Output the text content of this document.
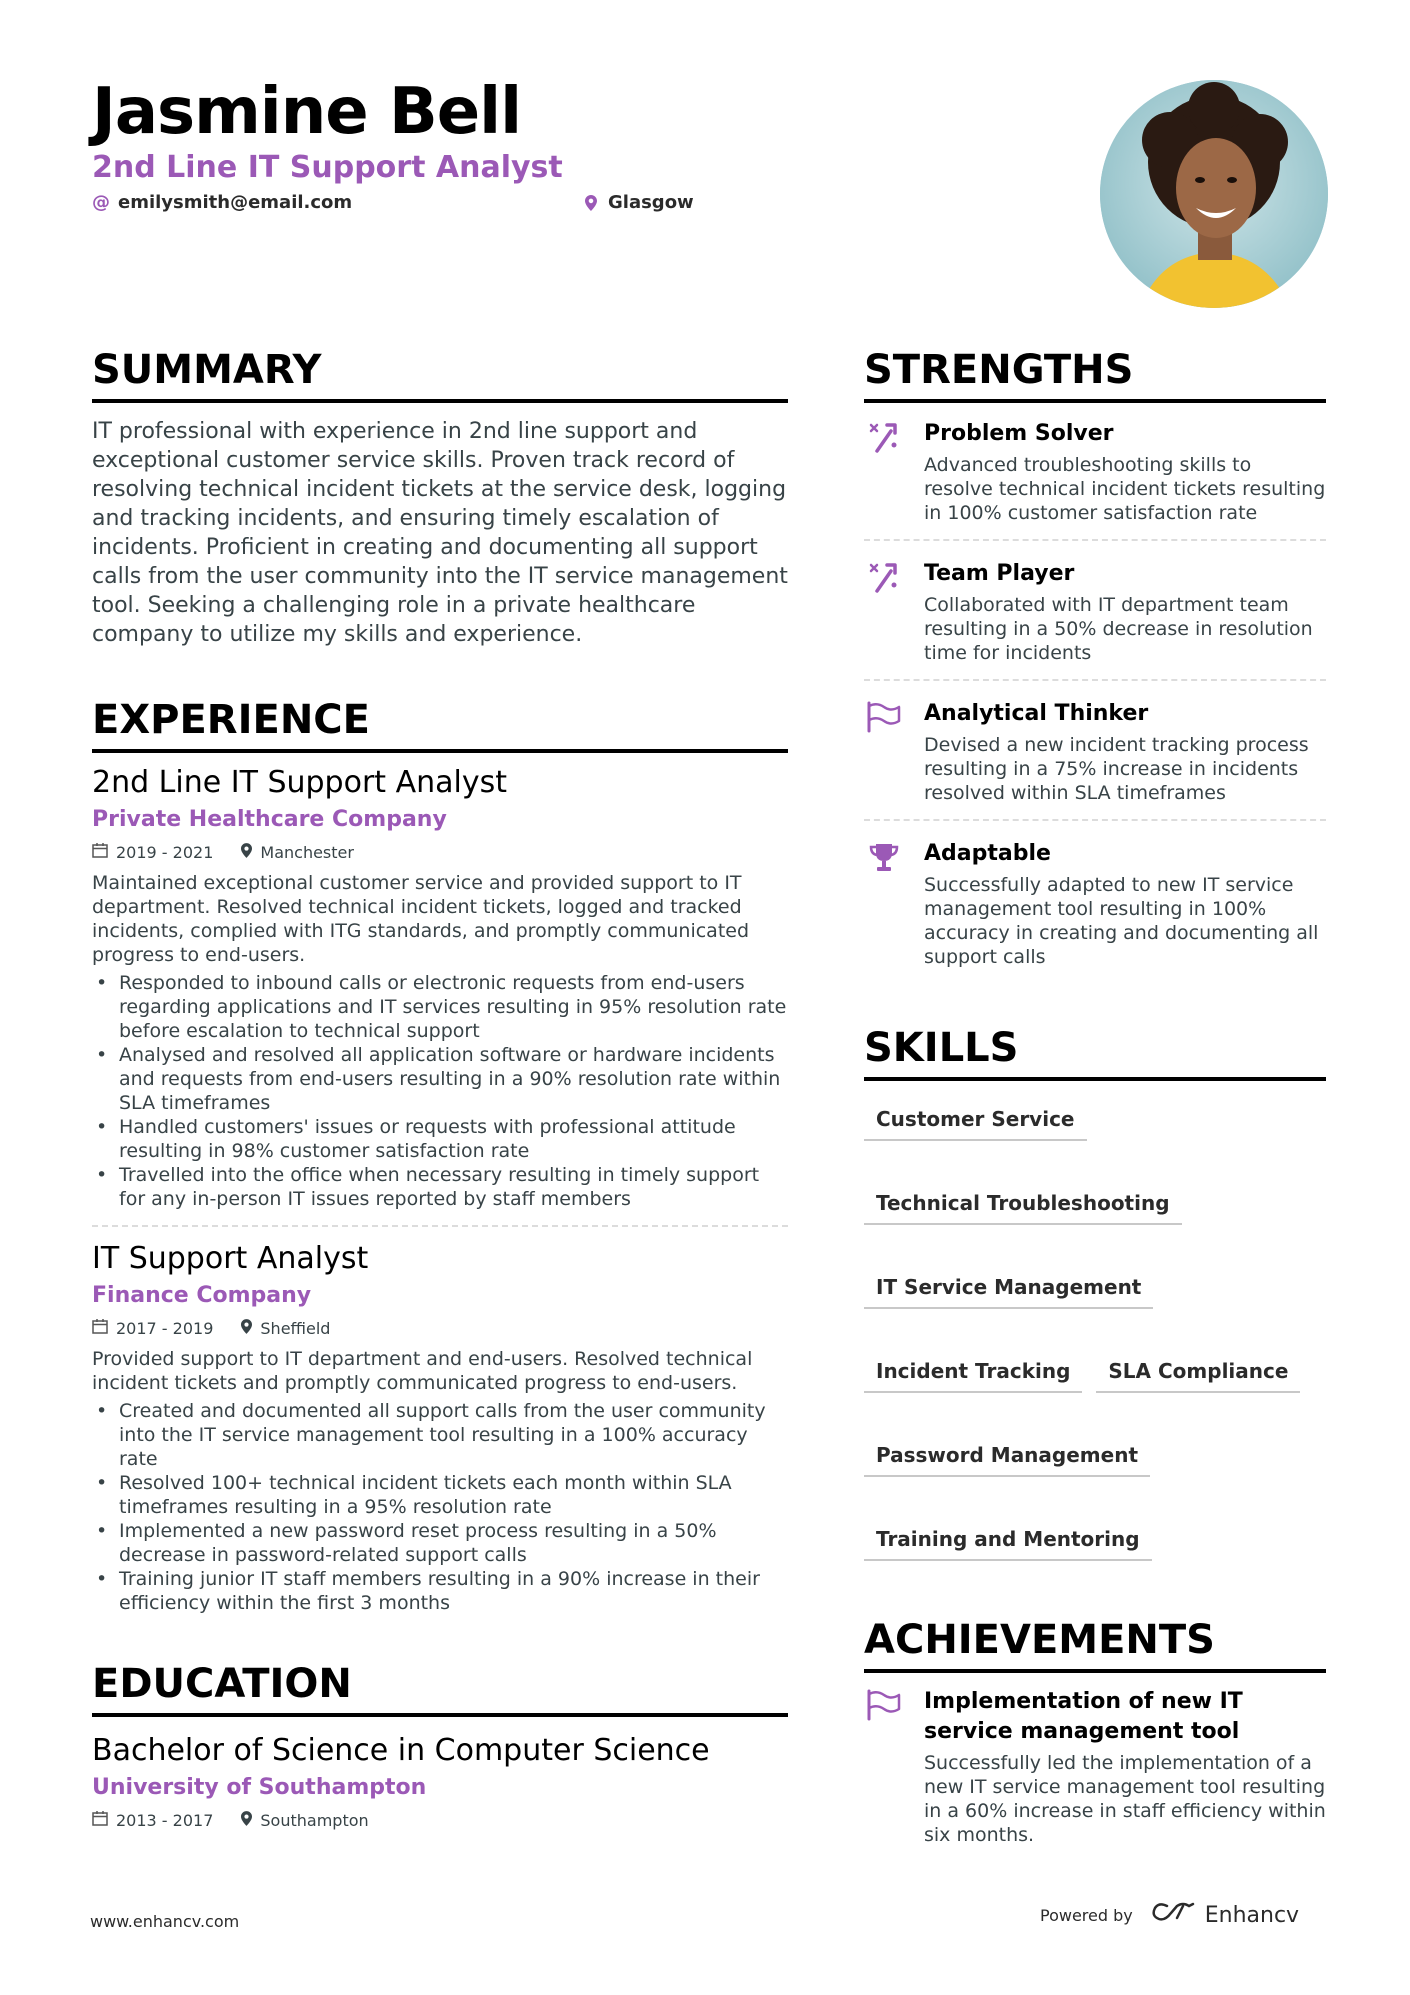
Jasmine Bell
2nd Line IT Support Analyst
@ emilysmith@email.com	Glasgow
SUMMARY

IT professional with experience in 2nd line support and exceptional customer service skills. Proven track record of resolving technical incident tickets at the service desk, logging and tracking incidents, and ensuring timely escalation of incidents. Proficient in creating and documenting all support calls from the user community into the IT service management tool. Seeking a challenging role in a private healthcare company to utilize my skills and experience.

EXPERIENCE
2nd Line IT Support Analyst
Private Healthcare Company
2019 - 2021	Manchester

Maintained exceptional customer service and provided support to IT department. Resolved technical incident tickets, logged and tracked incidents, complied with ITG standards, and promptly communicated progress to end-users.

• Responded to inbound calls or electronic requests from end-users regarding applications and IT services resulting in 95% resolution rate before escalation to technical support
• Analysed and resolved all application software or hardware incidents and requests from end-users resulting in a 90% resolution rate within SLA timeframes
• Handled customers' issues or requests with professional attitude resulting in 98% customer satisfaction rate
• Travelled into the office when necessary resulting in timely support for any in-person IT issues reported by staff members
IT Support Analyst
Finance Company
2017 - 2019	Sheffield

Provided support to IT department and end-users. Resolved technical incident tickets and promptly communicated progress to end-users.

• Created and documented all support calls from the user community into the IT service management tool resulting in a 100% accuracy rate
• Resolved 100+ technical incident tickets each month within SLA timeframes resulting in a 95% resolution rate
• Implemented a new password reset process resulting in a 50% decrease in password-related support calls
• Training junior IT staff members resulting in a 90% increase in their efficiency within the first 3 months
EDUCATION
Bachelor of Science in Computer Science
University of Southampton
2013 - 2017	Southampton
STRENGTHS
Problem Solver
Advanced troubleshooting skills to resolve technical incident tickets resulting in 100% customer satisfaction rate
Team Player
Collaborated with IT department team resulting in a 50% decrease in resolution time for incidents
Analytical Thinker
Devised a new incident tracking process resulting in a 75% increase in incidents resolved within SLA timeframes
Adaptable
Successfully adapted to new IT service management tool resulting in 100% accuracy in creating and documenting all support calls
SKILLS
Customer Service
Technical Troubleshooting
IT Service Management
Incident Tracking	SLA Compliance
Password Management
Training and Mentoring
ACHIEVEMENTS
Implementation of new IT service management tool
Successfully led the implementation of a new IT service management tool resulting in a 60% increase in staff efficiency within six months.
www.enhancv.com	Powered by	Enhancv
